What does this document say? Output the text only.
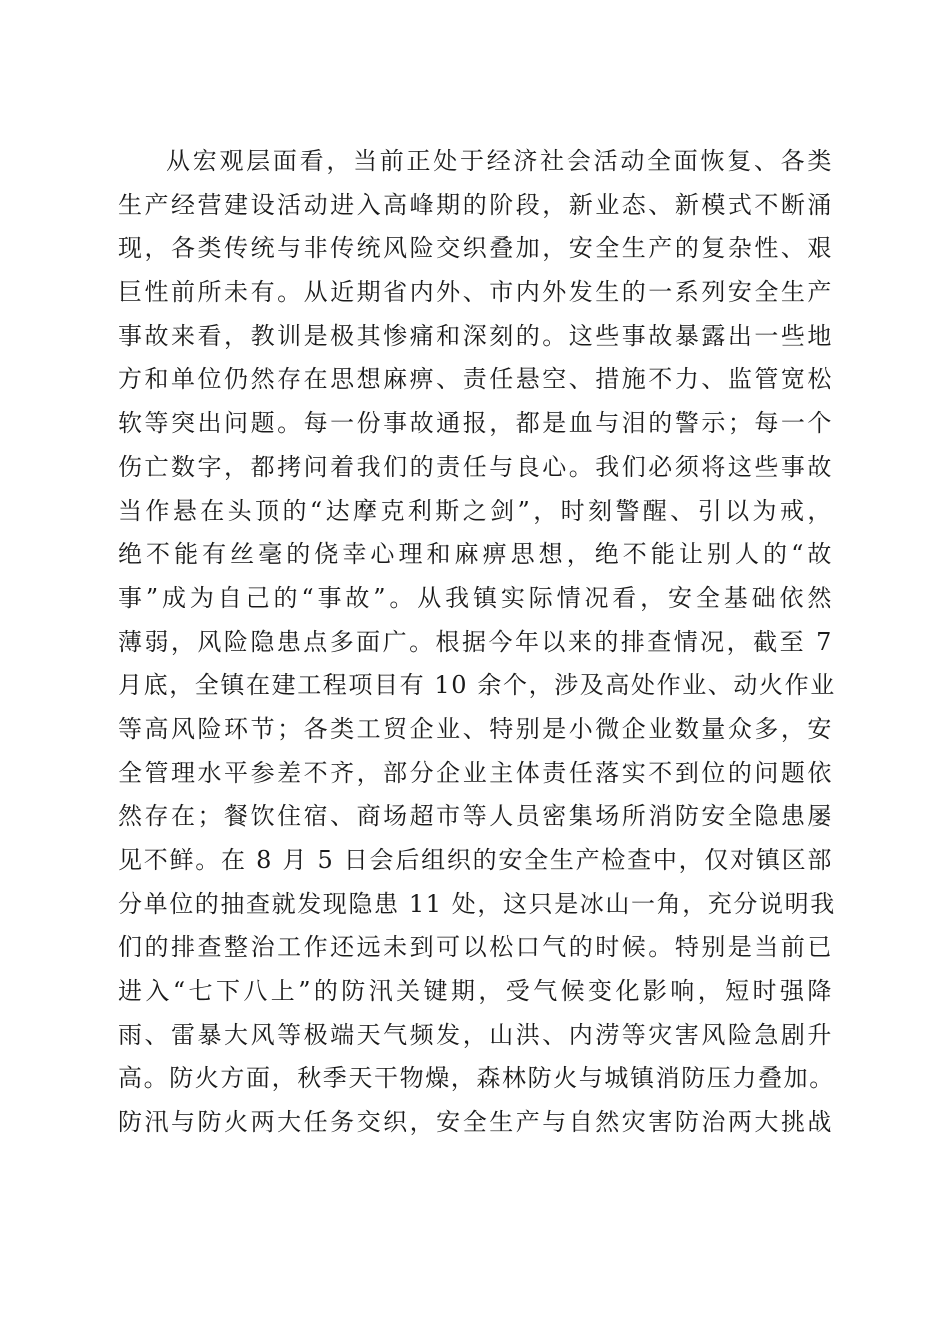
从宏观层面看，当前正处于经济社会活动全面恢复、各类
生产经营建设活动进入高峰期的阶段，新业态、新模式不断涌
现，各类传统与非传统风险交织叠加，安全生产的复杂性、艰
巨性前所未有。从近期省内外、市内外发生的一系列安全生产
事故来看，教训是极其惨痛和深刻的。这些事故暴露出一些地
方和单位仍然存在思想麻痹、责任悬空、措施不力、监管宽松
软等突出问题。每一份事故通报，都是血与泪的警示；每一个
伤亡数字，都拷问着我们的责任与良心。我们必须将这些事故
当作悬在头顶的“达摩克利斯之剑”，时刻警醒、引以为戒，
绝不能有丝毫的侥幸心理和麻痹思想，绝不能让别人的“故
事”成为自己的“事故”。从我镇实际情况看，安全基础依然
薄弱，风险隐患点多面广。根据今年以来的排查情况，截至 7
月底，全镇在建工程项目有 10 余个，涉及高处作业、动火作业
等高风险环节；各类工贸企业、特别是小微企业数量众多，安
全管理水平参差不齐，部分企业主体责任落实不到位的问题依
然存在；餐饮住宿、商场超市等人员密集场所消防安全隐患屡
见不鲜。在 8 月 5 日会后组织的安全生产检查中，仅对镇区部
分单位的抽查就发现隐患 11 处，这只是冰山一角，充分说明我
们的排查整治工作还远未到可以松口气的时候。特别是当前已
进入“七下八上”的防汛关键期，受气候变化影响，短时强降
雨、雷暴大风等极端天气频发，山洪、内涝等灾害风险急剧升
高。防火方面，秋季天干物燥，森林防火与城镇消防压力叠加。
防汛与防火两大任务交织，安全生产与自然灾害防治两大挑战
